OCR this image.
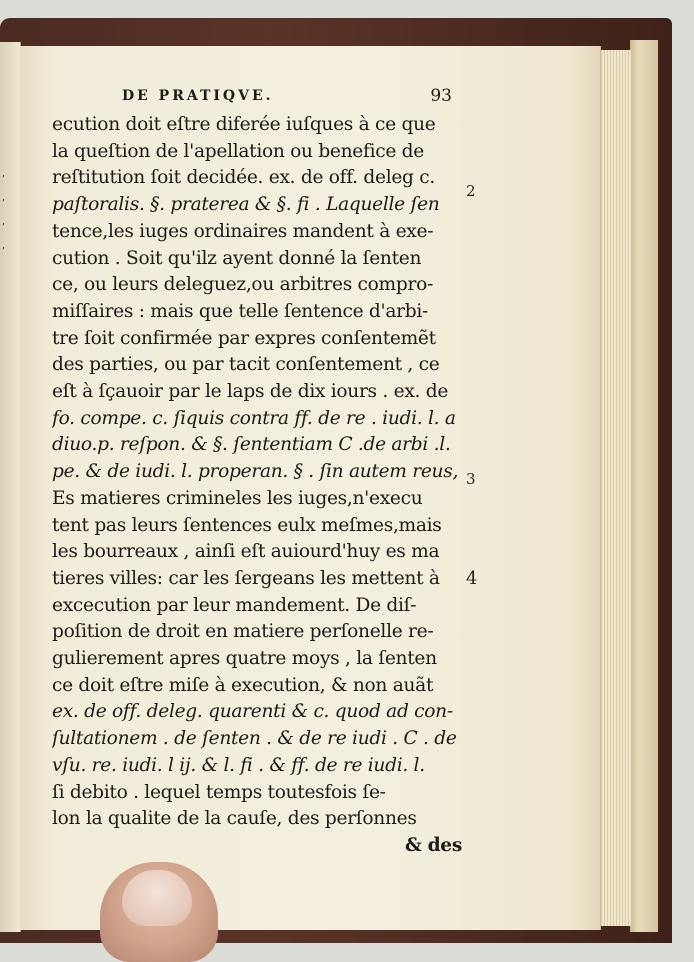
,
,
,
,
DE PRATIQVE.	93
ecution doit eſtre diferée iuſques à ce que
la queſtion de l'apellation ou benefice de
reſtitution ſoit decidée. ex. de off. deleg c.
paſtoralis. §. praterea & §. fi . Laquelle ſen
tence,les iuges ordinaires mandent à exe-
cution . Soit qu'ilz ayent donné la ſenten
ce, ou leurs deleguez,ou arbitres compro-
miſſaires : mais que telle ſentence d'arbi-
tre ſoit confirmée par expres conſentemẽt
des parties, ou par tacit conſentement , ce
eſt à ſçauoir par le laps de dix iours . ex. de
fo. compe. c. ſiquis contra ff. de re . iudi. l. a
diuo.p. reſpon. & §. ſententiam C .de arbi .l.
pe. & de iudi. l. properan. § . ſin autem reus,
Es matieres crimineles les iuges,n'execu
tent pas leurs ſentences eulx meſmes,mais
les bourreaux , ainſi eſt auiourd'huy es ma
tieres villes: car les ſergeans les mettent à
excecution par leur mandement. De diſ-
poſition de droit en matiere perſonelle re-
gulierement apres quatre moys , la ſenten
ce doit eſtre miſe à execution, & non auãt
ex. de off. deleg. quarenti & c. quod ad con-
ſultationem . de ſenten . & de re iudi . C . de
vſu. re. iudi. l ij. & l. fi . & ff. de re iudi. l.
ſi debito . lequel temps toutesfois ſe-
lon la qualite de la cauſe, des perſonnes
& des
2
3
4
